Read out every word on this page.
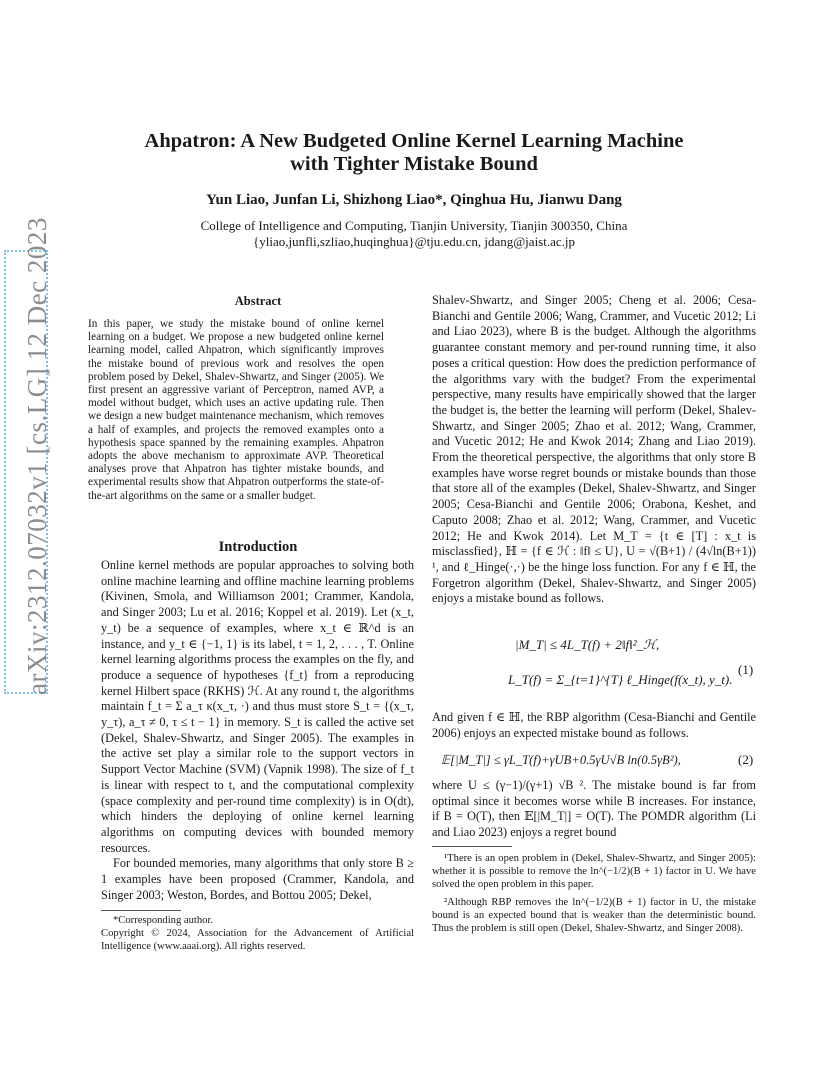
arXiv:2312.07032v1 [cs.LG] 12 Dec 2023
Ahpatron: A New Budgeted Online Kernel Learning Machine
with Tighter Mistake Bound
Yun Liao, Junfan Li, Shizhong Liao*, Qinghua Hu, Jianwu Dang
College of Intelligence and Computing, Tianjin University, Tianjin 300350, China
{yliao,junfli,szliao,huqinghua}@tju.edu.cn, jdang@jaist.ac.jp
Abstract
In this paper, we study the mistake bound of online kernel learning on a budget. We propose a new budgeted online kernel learning model, called Ahpatron, which significantly improves the mistake bound of previous work and resolves the open problem posed by Dekel, Shalev-Shwartz, and Singer (2005). We first present an aggressive variant of Perceptron, named AVP, a model without budget, which uses an active updating rule. Then we design a new budget maintenance mechanism, which removes a half of examples, and projects the removed examples onto a hypothesis space spanned by the remaining examples. Ahpatron adopts the above mechanism to approximate AVP. Theoretical analyses prove that Ahpatron has tighter mistake bounds, and experimental results show that Ahpatron outperforms the state-of-the-art algorithms on the same or a smaller budget.
Introduction

Online kernel methods are popular approaches to solving both online machine learning and offline machine learning problems (Kivinen, Smola, and Williamson 2001; Crammer, Kandola, and Singer 2003; Lu et al. 2016; Koppel et al. 2019). Let (x_t, y_t) be a sequence of examples, where x_t ∈ ℝ^d is an instance, and y_t ∈ {−1, 1} is its label, t = 1, 2, . . . , T. Online kernel learning algorithms process the examples on the fly, and produce a sequence of hypotheses {f_t} from a reproducing kernel Hilbert space (RKHS) ℋ. At any round t, the algorithms maintain f_t = Σ a_τ κ(x_τ, ·) and thus must store S_t = {(x_τ, y_τ), a_τ ≠ 0, τ ≤ t − 1} in memory. S_t is called the active set (Dekel, Shalev-Shwartz, and Singer 2005). The examples in the active set play a similar role to the support vectors in Support Vector Machine (SVM) (Vapnik 1998). The size of f_t is linear with respect to t, and the computational complexity (space complexity and per-round time complexity) is in O(dt), which hinders the deploying of online kernel learning algorithms on computing devices with bounded memory resources.

For bounded memories, many algorithms that only store B ≥ 1 examples have been proposed (Crammer, Kandola, and Singer 2003; Weston, Bordes, and Bottou 2005; Dekel,

*Corresponding author.
Copyright © 2024, Association for the Advancement of Artificial Intelligence (www.aaai.org). All rights reserved.

Shalev-Shwartz, and Singer 2005; Cheng et al. 2006; Cesa-Bianchi and Gentile 2006; Wang, Crammer, and Vucetic 2012; Li and Liao 2023), where B is the budget. Although the algorithms guarantee constant memory and per-round running time, it also poses a critical question: How does the prediction performance of the algorithms vary with the budget? From the experimental perspective, many results have empirically showed that the larger the budget is, the better the learning will perform (Dekel, Shalev-Shwartz, and Singer 2005; Zhao et al. 2012; Wang, Crammer, and Vucetic 2012; He and Kwok 2014; Zhang and Liao 2019). From the theoretical perspective, the algorithms that only store B examples have worse regret bounds or mistake bounds than those that store all of the examples (Dekel, Shalev-Shwartz, and Singer 2005; Cesa-Bianchi and Gentile 2006; Orabona, Keshet, and Caputo 2008; Zhao et al. 2012; Wang, Crammer, and Vucetic 2012; He and Kwok 2014). Let M_T = {t ∈ [T] : x_t is misclassfied}, ℍ = {f ∈ ℋ : ‖f‖ ≤ U}, U = √(B+1) / (4√ln(B+1)) ¹, and ℓ_Hinge(·,·) be the hinge loss function. For any f ∈ ℍ, the Forgetron algorithm (Dekel, Shalev-Shwartz, and Singer 2005) enjoys a mistake bound as follows.

|M_T| ≤ 4L_T(f) + 2‖f‖²_ℋ,
L_T(f) = Σ_{t=1}^{T} ℓ_Hinge(f(x_t), y_t).
(1)

And given f ∈ ℍ, the RBP algorithm (Cesa-Bianchi and Gentile 2006) enjoys an expected mistake bound as follows.

𝔼[|M_T|] ≤ γL_T(f)+γUB+0.5γU√B ln(0.5γB²),	(2)

where U ≤ (γ−1)/(γ+1) √B ². The mistake bound is far from optimal since it becomes worse while B increases. For instance, if B = O(T), then 𝔼[|M_T|] = O(T). The POMDR algorithm (Li and Liao 2023) enjoys a regret bound

¹There is an open problem in (Dekel, Shalev-Shwartz, and Singer 2005): whether it is possible to remove the ln^(−1/2)(B + 1) factor in U. We have solved the open problem in this paper.
²Although RBP removes the ln^(−1/2)(B + 1) factor in U, the mistake bound is an expected bound that is weaker than the deterministic bound. Thus the problem is still open (Dekel, Shalev-Shwartz, and Singer 2008).
